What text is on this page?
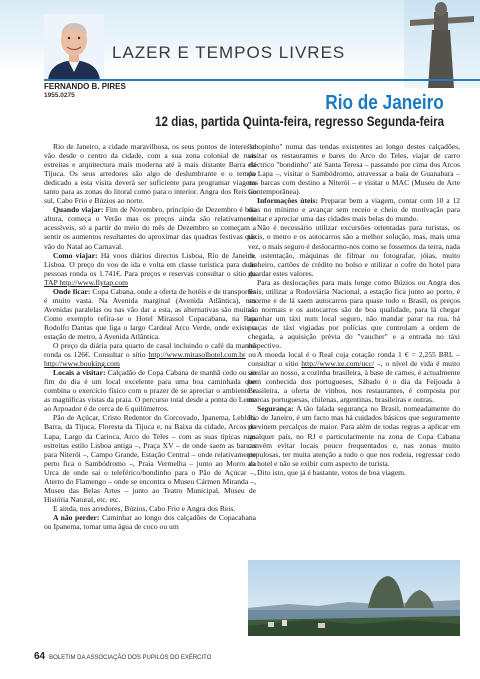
LAZER E TEMPOS LIVRES
FERNANDO B. PIRES
1955.0275	Rio de Janeiro
12 dias, partida Quinta-feira, regresso Segunda-feira

Rio de Janeiro, a cidade maravilhosa, os seus pontos de interesse vão desde o centro da cidade, com a sua zona colonial de ruas estreitas e arquitectura mais moderna até à mais distante Barra da Tijuca. Os seus arredores são algo de deslumbrante e o tempo dedicado a esta visita deverá ser suficiente para programar viagens tanto para as zonas do litoral como para o interior. Angra dos Reis ao sul, Cabo Frio e Búzios ao norte.

Quando viajar: Fim de Novembro, princípio de Dezembro é boa altura, começa o Verão mas os preços ainda são relativamente acessíveis, só a partir do meio do mês de Dezembro se começam a sentir os aumentos resultantes do aproximar das quadras festivas que vão do Natal ao Carnaval.

Como viajar: Há voos diários directos Lisboa, Rio de Janeiro, Lisboa. O preço do voo de ida e volta em classe turística para duas pessoas ronda os 1.741€. Para preços e reservas consultar o sítio da TAP http://www.flytap.com

Onde ficar: Copa Cabana, onde a oferta de hotéis e de transportes é muito vasta. Na Avenida marginal (Avenida Atlântica), nas Avenidas paralelas ou nas vão dar a esta, as alternativas são muitas. Como exemplo refira-se o Hotel Mirassol Copacabana, na Rua Rodolfo Dantas que liga o largo Cardeal Arco Verde, onde existe a estação de metro, à Avenida Atlântica.

O preço da diária para quarto de casal incluindo o café da manhã ronda os 126€. Consultar o sítio http://www.mirasolhotel.com.br ou http://www.booking.com

Locais a visitar: Calçadão de Copa Cabana de manhã cedo ou ao fim do dia é um local excelente para uma boa caminhada que combina o exercício físico com o prazer de se apreciar o ambiente e as magníficas vistas da praia. O percurso total desde a ponta do Leme ao Arpoador é de cerca de 6 quilómetros.

Pão de Açúcar, Cristo Redentor do Corcovado, Ipanema, Leblon, Barra, da Tijuca, Floresta da Tijuca e, na Baixa da cidade, Arcos da Lapa, Largo da Carioca, Arco do Teles – com as suas típicas ruas estreitas estilo Lisboa antiga –, Praça XV – de onde saem as barcas para Niterói –, Campo Grande, Estação Central – onde relativamente perto fica o Sambódromo –, Praia Vermelha – junto ao Morro da Urca de onde sai o teleférico/bondinho para o Pão de Açúcar –, Aterro do Flamengo – onde se encontra o Museu Cármen Miranda –, Museu das Belas Artes – junto ao Teatro Municipal, Museu de História Natural, etc. etc.

E ainda, nos arredores, Búzios, Cabo Frio e Angra dos Reis.

A não perder: Caminhar ao longo dos calçadões de Copacabana ou Ipanema, tomar uma água de coco ou um

"chopinho" numa das tendas existentes ao longo destes calçadões, visitar os restaurantes e bares do Arco do Teles, viajar de carro eléctrico "bondinho" até Santa Teresa – passando por cima dos Arcos da Lapa –, visitar o Sambódromo, atravessar a baía de Guanabara – nas barcas com destino a Niterói – e visitar o MAC (Museu de Arte Contemporânea).

Informações úteis: Preparar bem a viagem, contar com 10 a 12 dias no mínimo e avançar sem receio e cheio de motivação para visitar e apreciar uma das cidades mais belas do mundo.

Não é necessário utilizar excursões orientadas para turistas, os táxis, o metro e os autocarros são a melhor solução, mas, mais uma vez, o mais seguro é deslocarmo-nos como se fossemos da terra, nada de ostentação, máquinas de filmar ou fotografar, jóias, muito dinheiro, cartões de crédito no bolso e utilizar o cofre do hotel para guardar estes valores.

Para as deslocações para mais longe como Búzios ou Angra dos Reis, utilizar a Rodoviária Nacional, a estação fica junto ao porto, é enorme e de lá saem autocarros para quase todo o Brasil, os preços são normais e os autocarros são de boa qualidade, para lá chegar apanhar um táxi num local seguro, não mandar parar na rua, há praças de táxi vigiadas por polícias que controlam a ordem de chegada, a aquisição prévia do "vaucher" e a entrada no táxi respectivo.

A moeda local é o Real cuja cotação ronda 1 € = 2,255 BRL – consultar o sítio http://www.xe.com/ucc/ –, o nível de vida é muito similar ao nosso, a cozinha brasileira, à base de carnes, é actualmente bem conhecida dos portugueses, Sábado é o dia da Feijoada à Brasileira, a oferta de vinhos, nos restaurantes, é composta por marcas portuguesas, chilenas, argentinas, brasileiras e outras.

Segurança: A tão falada segurança no Brasil, nomeadamente do Rio de Janeiro, é um facto mas há cuidados básicos que seguramente previnem percalços de maior. Para além de todas regras a aplicar em qualquer país, no RJ e particularmente na zona de Copa Cabana convém evitar locais pouco frequentados e, nas zonas muito populosas, ter muita atenção a tudo o que nos rodeia, regressar cedo ao hotel e não se exibir com aspecto de turista.

Dito isto, que já é bastante, votos de boa viagem.

64 BOLETIM DA ASSOCIAÇÃO DOS PUPILOS DO EXÉRCITO
